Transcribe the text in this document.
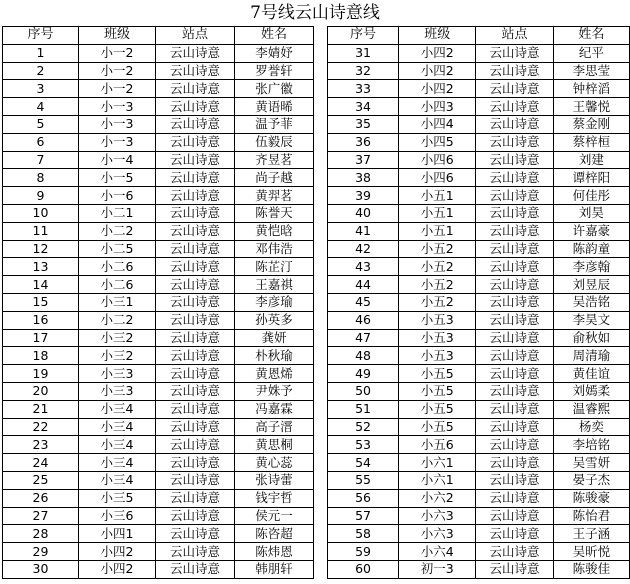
7号线云山诗意线
序号	班级	站点	姓名
1	小一2	云山诗意	李婧妤
2	小一2	云山诗意	罗誉轩
3	小一2	云山诗意	张广徽
4	小一3	云山诗意	黄语晞
5	小一3	云山诗意	温予菲
6	小一3	云山诗意	伍毅辰
7	小一4	云山诗意	齐昱茗
8	小一5	云山诗意	尚子越
9	小一6	云山诗意	黄羿茗
10	小二1	云山诗意	陈誉天
11	小二2	云山诗意	黄恺晗
12	小二5	云山诗意	邓伟浩
13	小二6	云山诗意	陈芷汀
14	小二6	云山诗意	王嘉祺
15	小三1	云山诗意	李彦瑜
16	小二2	云山诗意	孙英多
17	小三2	云山诗意	龚妍
18	小三2	云山诗意	朴秋瑜
19	小三3	云山诗意	黄恩烯
20	小三3	云山诗意	尹姝予
21	小三4	云山诗意	冯嘉霖
22	小三4	云山诗意	高子溍
23	小三4	云山诗意	黄思桐
24	小三4	云山诗意	黄心蕊
25	小三4	云山诗意	张诗蕾
26	小三5	云山诗意	钱宇哲
27	小三6	云山诗意	侯元一
28	小四1	云山诗意	陈咨超
29	小四2	云山诗意	陈炜恩
30	小四2	云山诗意	韩朋轩
序号	班级	站点	姓名
31	小四2	云山诗意	纪平
32	小四2	云山诗意	李思莹
33	小四2	云山诗意	钟梓滔
34	小四3	云山诗意	王馨悦
35	小四4	云山诗意	蔡金刚
36	小四5	云山诗意	蔡梓桓
37	小四6	云山诗意	刘建
38	小四6	云山诗意	谭梓阳
39	小五1	云山诗意	何佳彤
40	小五1	云山诗意	刘昊
41	小五1	云山诗意	许嘉豪
42	小五2	云山诗意	陈韵童
43	小五2	云山诗意	李彦翰
44	小五2	云山诗意	刘昱辰
45	小五2	云山诗意	吴浩铭
46	小五3	云山诗意	李昊文
47	小五3	云山诗意	俞秋如
48	小五3	云山诗意	周清瑜
49	小五5	云山诗意	黄佳谊
50	小五5	云山诗意	刘嫣柔
51	小五5	云山诗意	温睿熙
52	小五5	云山诗意	杨奕
53	小五6	云山诗意	李培铭
54	小六1	云山诗意	吴雪妍
55	小六1	云山诗意	晏子杰
56	小六2	云山诗意	陈骏豪
57	小六3	云山诗意	陈怡君
58	小六3	云山诗意	王子涵
59	小六4	云山诗意	吴昕悦
60	初一3	云山诗意	陈骏佳
